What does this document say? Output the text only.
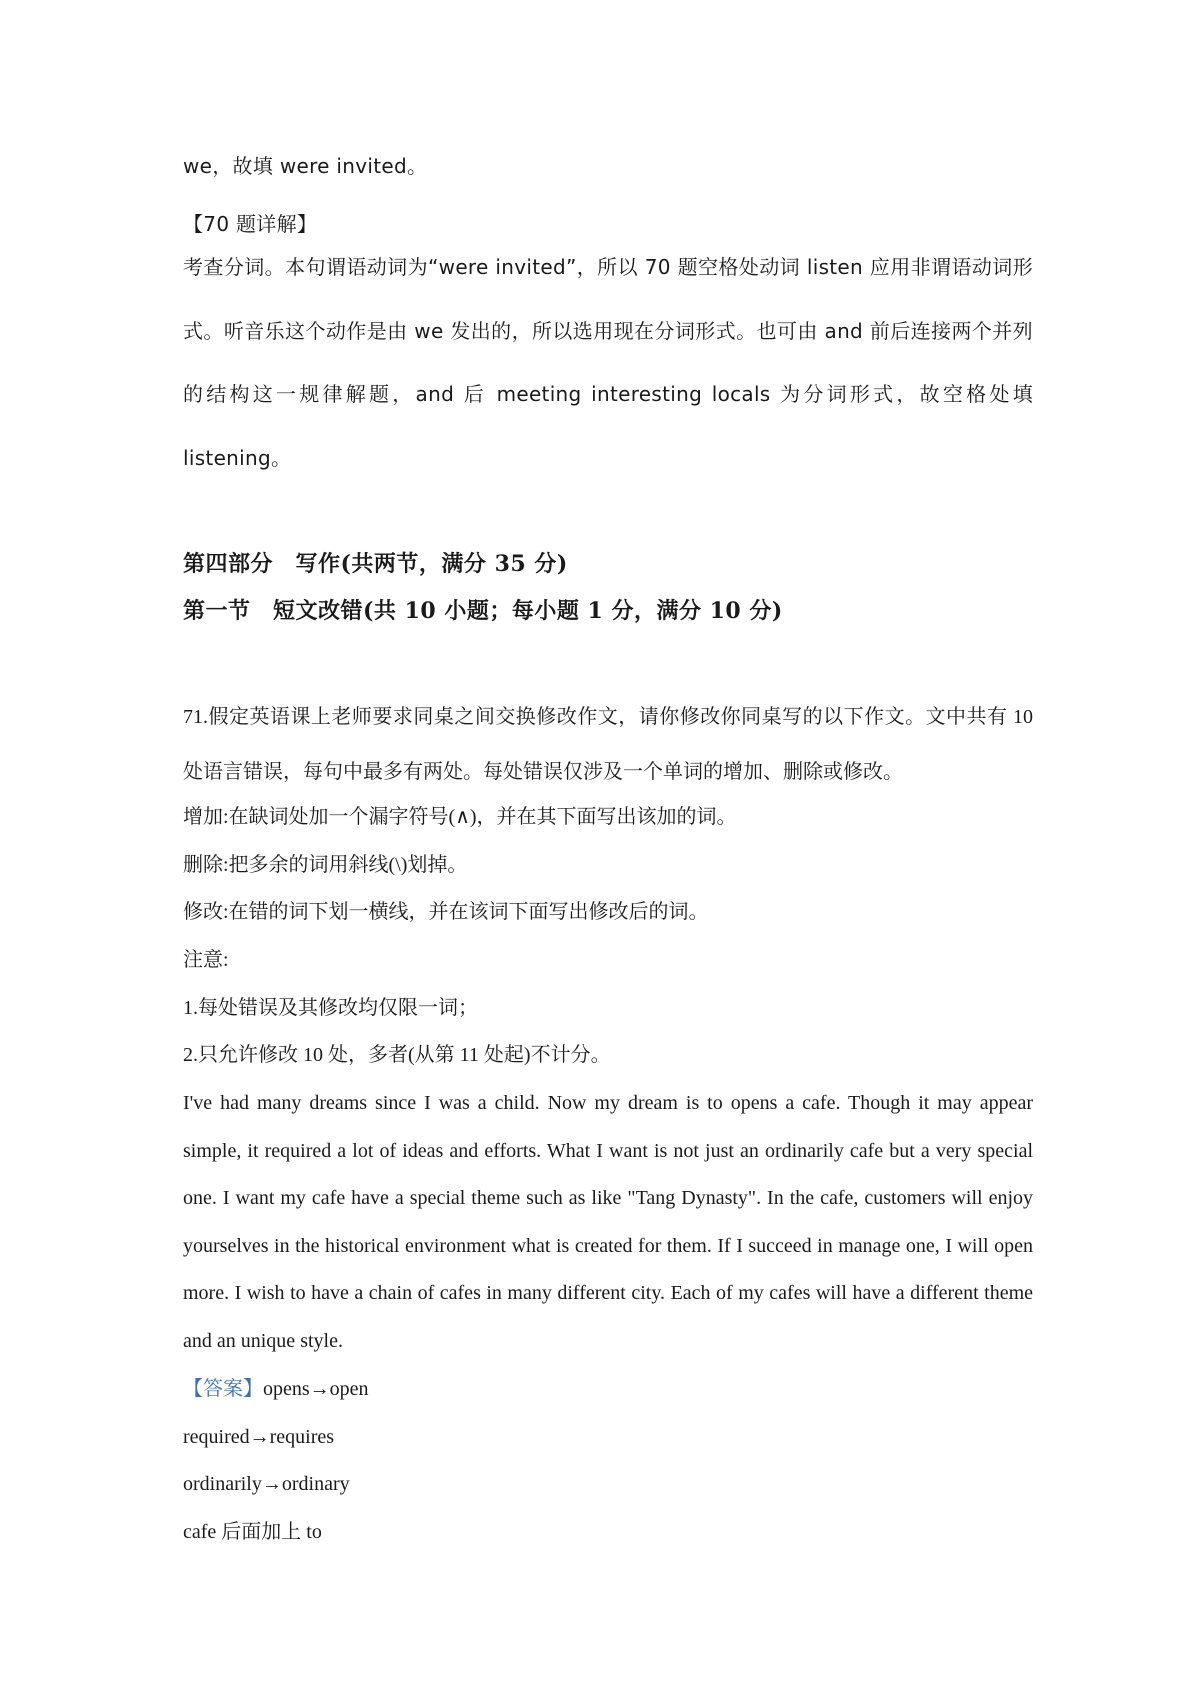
we，故填 were invited。
【70 题详解】
考查分词。本句谓语动词为“were invited”，所以 70 题空格处动词 listen 应用非谓语动词形式。听音乐这个动作是由 we 发出的，所以选用现在分词形式。也可由 and 前后连接两个并列的结构这一规律解题，and 后 meeting interesting locals 为分词形式，故空格处填 listening。
第四部分　写作(共两节，满分 35 分)
第一节　短文改错(共 10 小题；每小题 1 分，满分 10 分)
71.假定英语课上老师要求同桌之间交换修改作文，请你修改你同桌写的以下作文。文中共有 10 处语言错误，每句中最多有两处。每处错误仅涉及一个单词的增加、删除或修改。
增加:在缺词处加一个漏字符号(∧)，并在其下面写出该加的词。
删除:把多余的词用斜线(\)划掉。
修改:在错的词下划一横线，并在该词下面写出修改后的词。
注意:
1.每处错误及其修改均仅限一词；
2.只允许修改 10 处，多者(从第 11 处起)不计分。
I've had many dreams since I was a child. Now my dream is to opens a cafe. Though it may appear simple, it required a lot of ideas and efforts. What I want is not just an ordinarily cafe but a very special one. I want my cafe have a special theme such as like "Tang Dynasty". In the cafe, customers will enjoy yourselves in the historical environment what is created for them. If I succeed in manage one, I will open more. I wish to have a chain of cafes in many different city. Each of my cafes will have a different theme and an unique style.
【答案】opens→open
required→requires
ordinarily→ordinary
cafe 后面加上 to
